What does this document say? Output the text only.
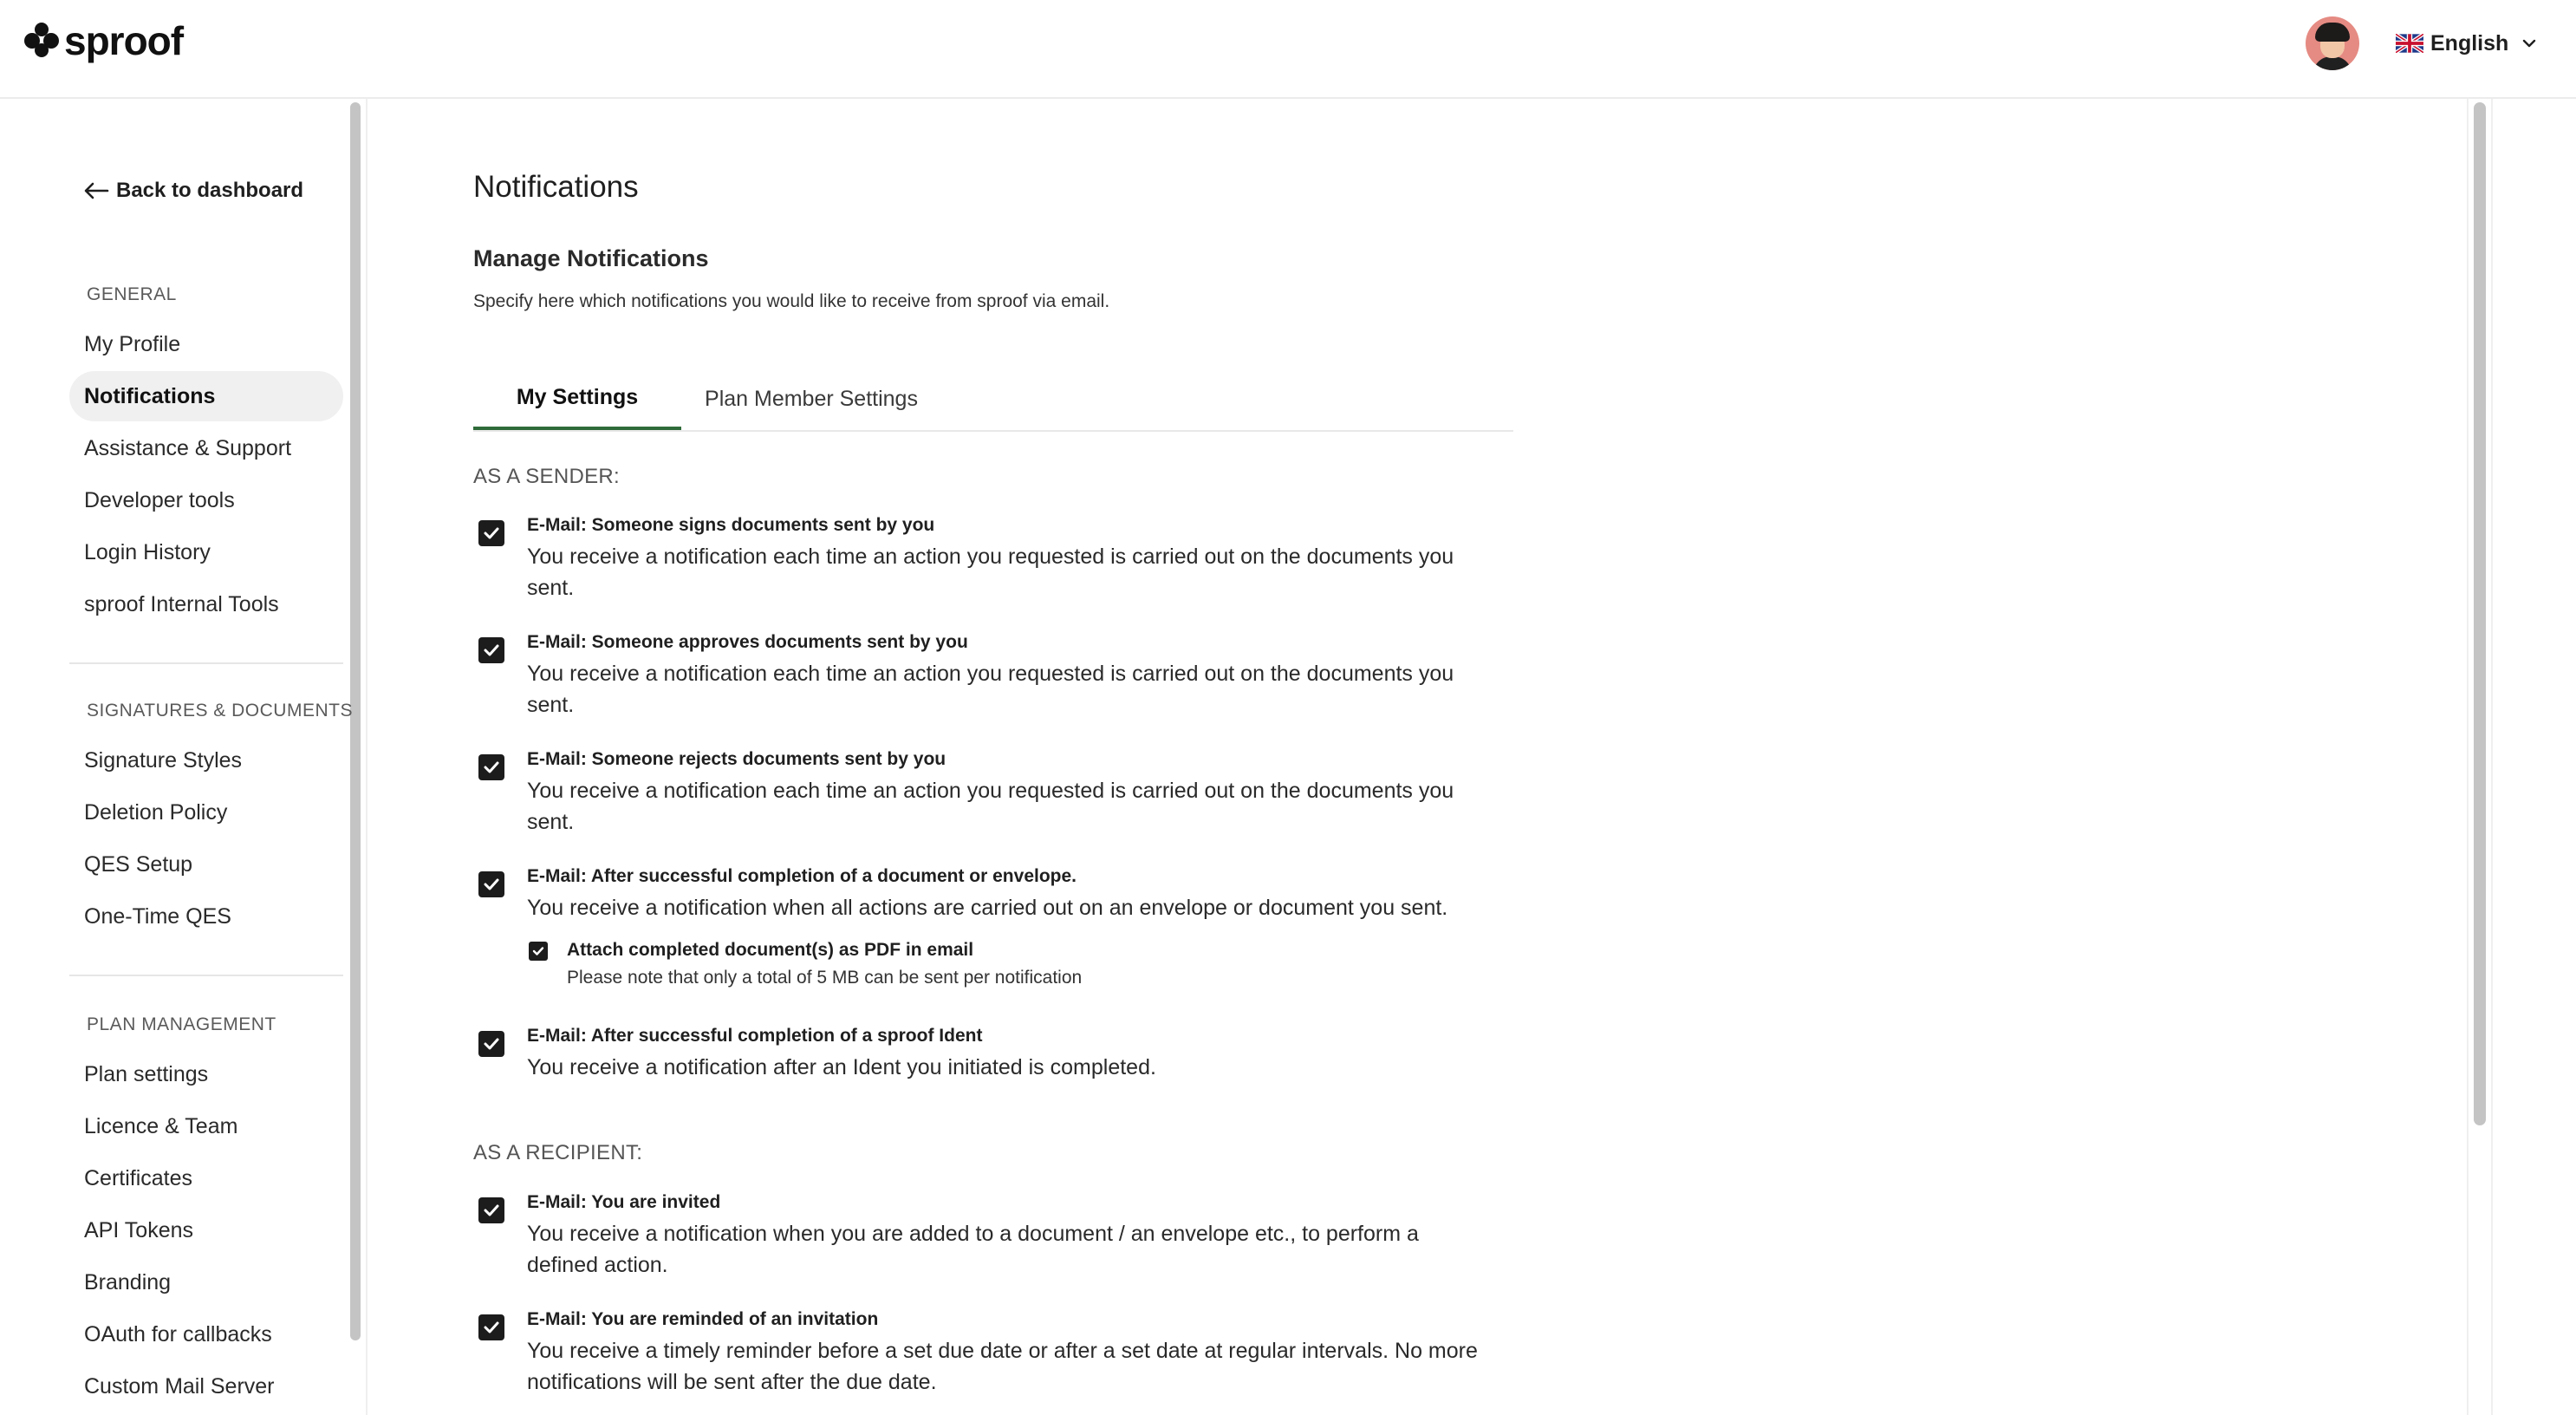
sproof	English
Back to dashboard
GENERAL
My Profile
Notifications
Assistance & Support
Developer tools
Login History
sproof Internal Tools
SIGNATURES & DOCUMENTS
Signature Styles
Deletion Policy
QES Setup
One-Time QES
PLAN MANAGEMENT
Plan settings
Licence & Team
Certificates
API Tokens
Branding
OAuth for callbacks
Custom Mail Server
Notifications
Manage Notifications
Specify here which notifications you would like to receive from sproof via email.
My Settings	Plan Member Settings
AS A SENDER:
E-Mail: Someone signs documents sent by you
You receive a notification each time an action you requested is carried out on the documents you sent.
E-Mail: Someone approves documents sent by you
You receive a notification each time an action you requested is carried out on the documents you sent.
E-Mail: Someone rejects documents sent by you
You receive a notification each time an action you requested is carried out on the documents you sent.
E-Mail: After successful completion of a document or envelope.
You receive a notification when all actions are carried out on an envelope or document you sent.
Attach completed document(s) as PDF in email
Please note that only a total of 5 MB can be sent per notification
E-Mail: After successful completion of a sproof Ident
You receive a notification after an Ident you initiated is completed.
AS A RECIPIENT:
E-Mail: You are invited
You receive a notification when you are added to a document / an envelope etc., to perform a defined action.
E-Mail: You are reminded of an invitation
You receive a timely reminder before a set due date or after a set date at regular intervals. No more notifications will be sent after the due date.
